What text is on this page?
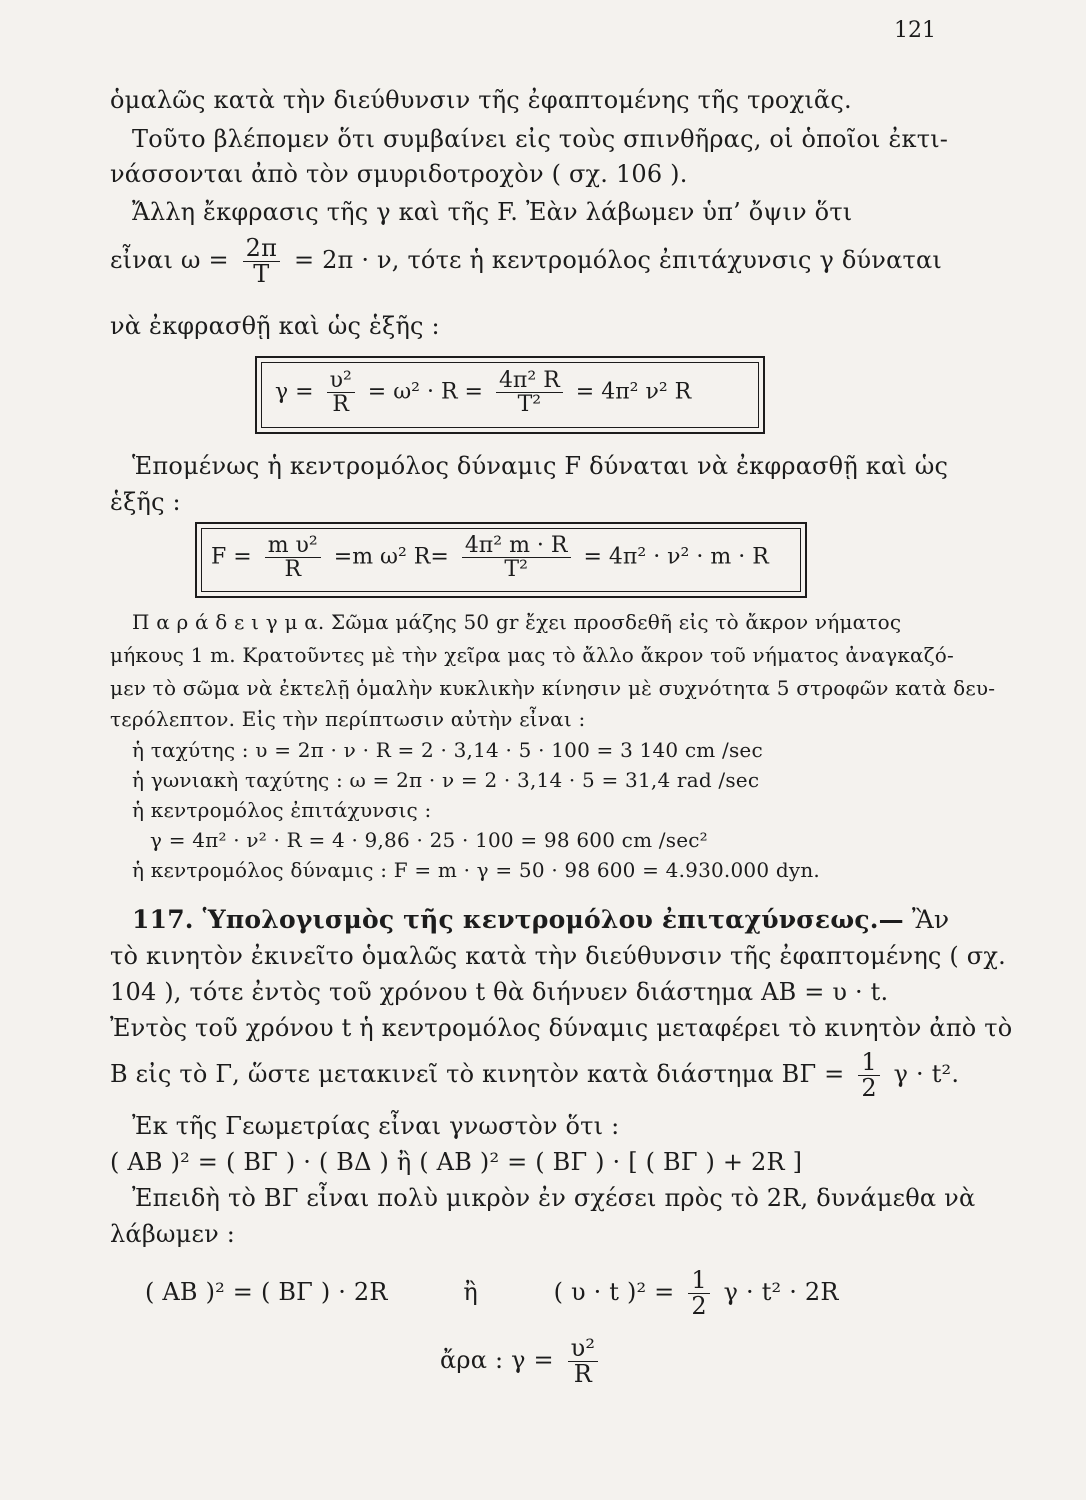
121
ὁμαλῶς κατὰ τὴν διεύθυνσιν τῆς ἐφαπτομένης τῆς τροχιᾶς.
Τοῦτο βλέπομεν ὅτι συμβαίνει εἰς τοὺς σπινθῆρας, οἱ ὁποῖοι ἐκτι-
νάσσονται ἀπὸ τὸν σμυριδοτροχὸν ( σχ. 106 ).
Ἄλλη ἔκφρασις τῆς γ καὶ τῆς F. Ἐὰν λάβωμεν ὑπ’ ὄψιν ὅτι
εἶναι $\omega = \frac{2\pi}{T} = 2\pi \cdot \nu$, τότε ἡ κεντρομόλος ἐπιτάχυνσις γ δύναται
νὰ ἐκφρασθῇ καὶ ὡς ἑξῆς :
$\gamma = \frac{\text{υ²}}{R} = \omega^2 \cdot R = \frac{\text{4π² R}}{\text{T²}} = 4\pi^2$ ν² R
Ἑπομένως ἡ κεντρομόλος δύναμις F δύναται νὰ ἐκφρασθῇ καὶ ὡς
ἑξῆς :
$F = \frac{\text{m υ²}}{R} =m$ ω² $R= \frac{\text{4π² m · R}}{\text{T²}} = 4\pi^2 \cdot \nu^2 \cdot m \cdot R$
Π α ρ ά δ ε ι γ μ α. Σῶμα μάζης 50 gr ἔχει προσδεθῆ εἰς τὸ ἄκρον νήματος
μήκους 1 m. Κρατοῦντες μὲ τὴν χεῖρα μας τὸ ἄλλο ἄκρον τοῦ νήματος ἀναγκαζό-
μεν τὸ σῶμα νὰ ἐκτελῇ ὁμαλὴν κυκλικὴν κίνησιν μὲ συχνότητα 5 στροφῶν κατὰ δευ-
τερόλεπτον. Εἰς τὴν περίπτωσιν αὐτὴν εἶναι :
ἡ ταχύτης : υ = 2π · ν · R = 2 · 3,14 · 5 · 100 = 3 140 cm /sec
ἡ γωνιακὴ ταχύτης : ω = 2π · ν = 2 · 3,14 · 5 = 31,4 rad /sec
ἡ κεντρομόλος ἐπιτάχυνσις :
γ = 4π² · ν² · R = 4 · 9,86 · 25 · 100 = 98 600 cm /sec²
ἡ κεντρομόλος δύναμις : F = m · γ = 50 · 98 600 = 4.930.000 dyn.
117. Ὑπολογισμὸς τῆς κεντρομόλου ἐπιταχύνσεως.— Ἂν
τὸ κινητὸν ἐκινεῖτο ὁμαλῶς κατὰ τὴν διεύθυνσιν τῆς ἐφαπτομένης ( σχ.
104 ), τότε ἐντὸς τοῦ χρόνου t θὰ διήνυεν διάστημα AB = υ · t.
Ἐντὸς τοῦ χρόνου t ἡ κεντρομόλος δύναμις μεταφέρει τὸ κινητὸν ἀπὸ τὸ
B εἰς τὸ Γ, ὥστε μετακινεῖ τὸ κινητὸν κατὰ διάστημα $B\Gamma = \frac{1}{2}$ γ · t².
Ἐκ τῆς Γεωμετρίας εἶναι γνωστὸν ὅτι :
( AB )² = ( BΓ ) · ( BΔ ) ἢ ( AB )² = ( BΓ ) · [ ( BΓ ) + 2R ]
Ἐπειδὴ τὸ BΓ εἶναι πολὺ μικρὸν ἐν σχέσει πρὸς τὸ 2R, δυνάμεθα νὰ
λάβωμεν :
( AB )² = ( BΓ ) · 2R	ἢ	( υ · t )$^2 = \frac{1}{2}$ γ · t² · 2R
ἄρα : $\gamma = \frac{\text{υ²}}{R}$
